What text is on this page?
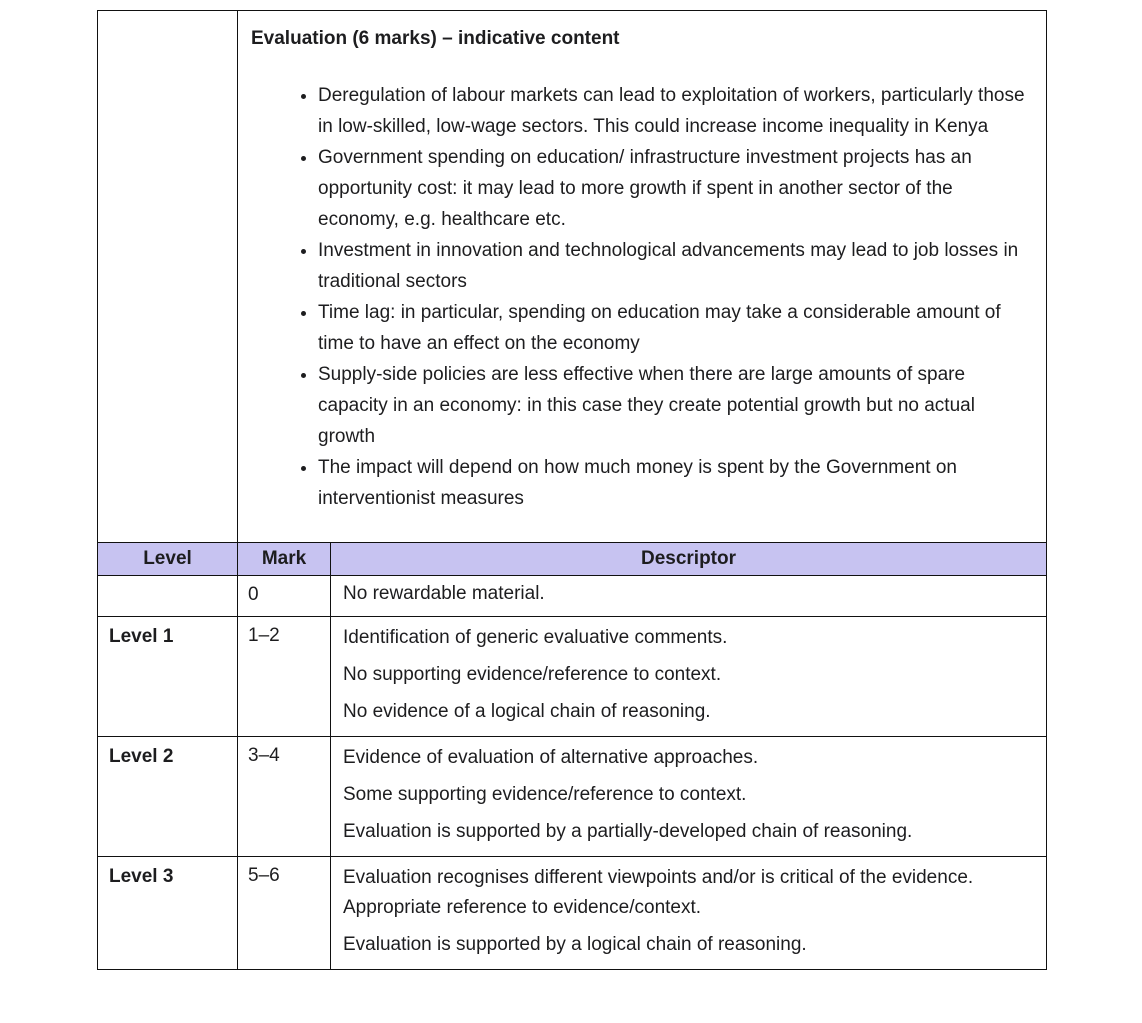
Evaluation (6 marks) – indicative content
• Deregulation of labour markets can lead to exploitation of workers, particularly those in low-skilled, low-wage sectors. This could increase income inequality in Kenya
• Government spending on education/ infrastructure investment projects has an opportunity cost: it may lead to more growth if spent in another sector of the economy, e.g. healthcare etc.
• Investment in innovation and technological advancements may lead to job losses in traditional sectors
• Time lag: in particular, spending on education may take a considerable amount of time to have an effect on the economy
• Supply-side policies are less effective when there are large amounts of spare capacity in an economy: in this case they create potential growth but no actual growth
• The impact will depend on how much money is spent by the Government on interventionist measures

Level	Mark	Descriptor
	0	No rewardable material.

Level 1	1–2	Identification of generic evaluative comments.

No supporting evidence/reference to context.

No evidence of a logical chain of reasoning.

Level 2	3–4	Evidence of evaluation of alternative approaches.

Some supporting evidence/reference to context.

Evaluation is supported by a partially-developed chain of reasoning.

Level 3	5–6	Evaluation recognises different viewpoints and/or is critical of the evidence. Appropriate reference to evidence/context.

Evaluation is supported by a logical chain of reasoning.
